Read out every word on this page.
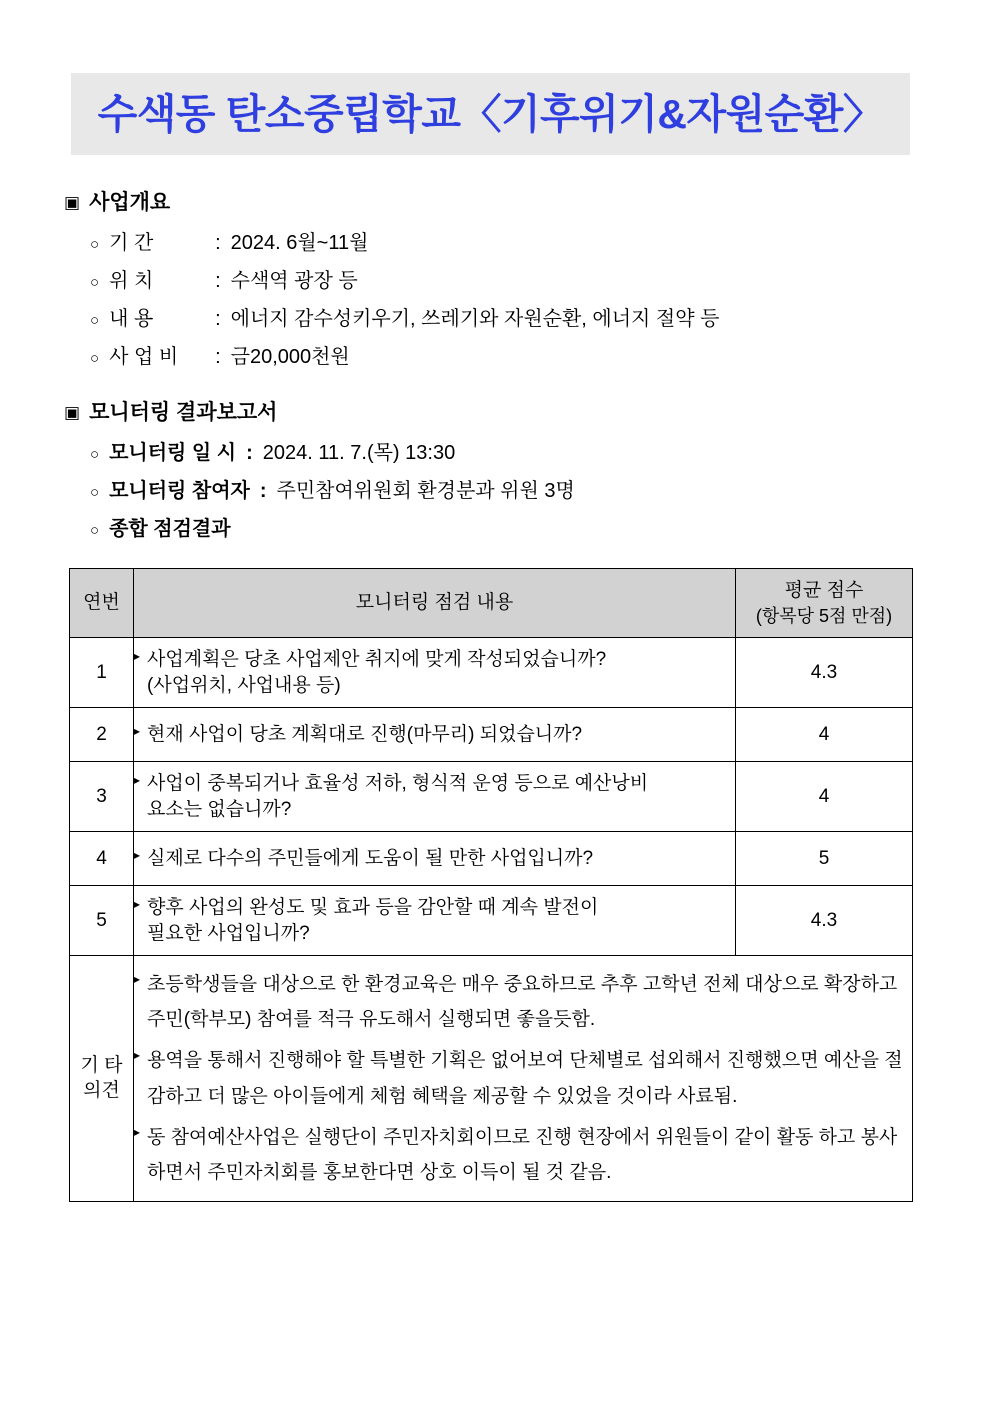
수색동 탄소중립학교〈기후위기&자원순환〉
▣ 사업개요
○ 기 간	: 2024. 6월~11월
○ 위 치	: 수색역 광장 등
○ 내 용	: 에너지 감수성키우기, 쓰레기와 자원순환, 에너지 절약 등
○ 사 업 비	: 금20,000천원
▣ 모니터링 결과보고서
○ 모니터링 일 시 : 2024. 11. 7.(목) 13:30
○ 모니터링 참여자 : 주민참여위원회 환경분과 위원 3명
○ 종합 점검결과
연번	모니터링 점검 내용	평균 점수
(항목당 5점 만점)

1	▸ 사업계획은 당초 사업제안 취지에 맞게 작성되었습니까?
(사업위치, 사업내용 등)	4.3
2	▸ 현재 사업이 당초 계획대로 진행(마무리) 되었습니까?	4
3	▸ 사업이 중복되거나 효율성 저하, 형식적 운영 등으로 예산낭비
요소는 없습니까?	4
4	▸ 실제로 다수의 주민들에게 도움이 될 만한 사업입니까?	5
5	▸ 향후 사업의 완성도 및 효과 등을 감안할 때 계속 발전이
필요한 사업입니까?	4.3
기 타
의견	
▸ 초등학생들을 대상으로 한 환경교육은 매우 중요하므로 추후 고학년 전체 대상으로 확장하고 주민(학부모) 참여를 적극 유도해서 실행되면 좋을듯함.
▸ 용역을 통해서 진행해야 할 특별한 기획은 없어보여 단체별로 섭외해서 진행했으면 예산을 절감하고 더 많은 아이들에게 체험 혜택을 제공할 수 있었을 것이라 사료됨.
▸ 동 참여예산사업은 실행단이 주민자치회이므로 진행 현장에서 위원들이 같이 활동 하고 봉사하면서 주민자치회를 홍보한다면 상호 이득이 될 것 같음.
